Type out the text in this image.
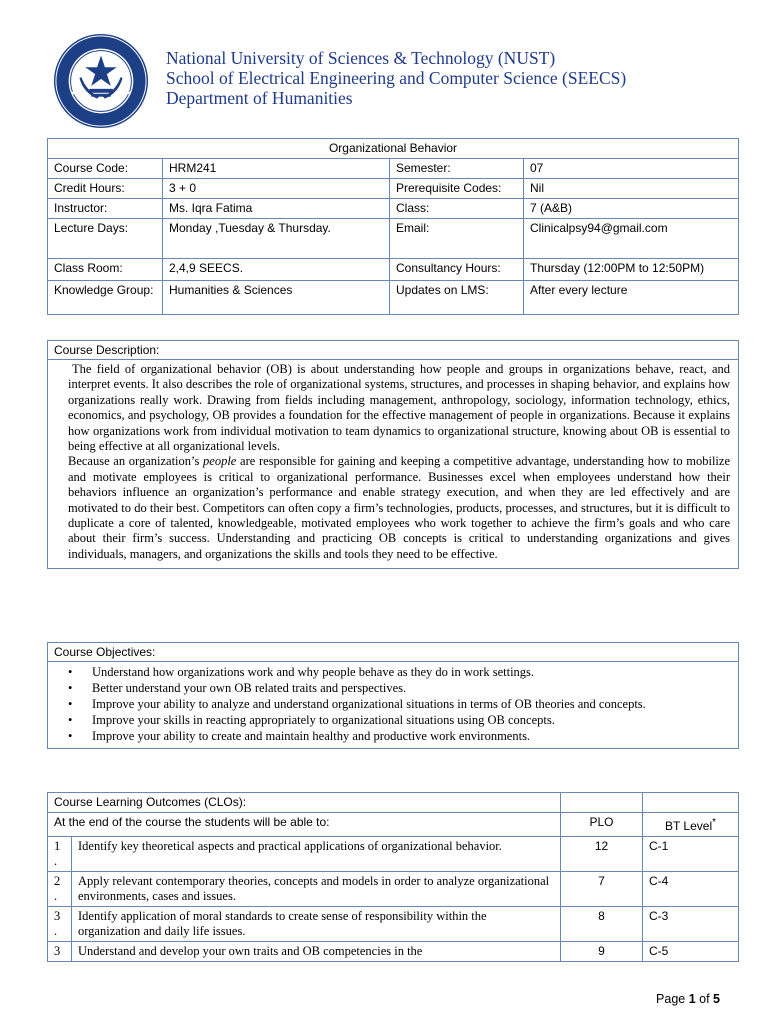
National University of Sciences & Technology (NUST)
School of Electrical Engineering and Computer Science (SEECS)
Department of Humanities
Organizational Behavior			
Course Code:	HRM241	Semester:	07
Credit Hours:	3 + 0	Prerequisite Codes:	Nil
Instructor:	Ms. Iqra Fatima	Class:	7 (A&B)
Lecture Days:	Monday ,Tuesday & Thursday.	Email:	Clinicalpsy94@gmail.com
Class Room:	2,4,9 SEECS.	Consultancy Hours:	Thursday (12:00PM to 12:50PM)
Knowledge Group:	Humanities & Sciences	Updates on LMS:	After every lecture
Course Description:

The field of organizational behavior (OB) is about understanding how people and groups in organizations behave, react, and interpret events. It also describes the role of organizational systems, structures, and processes in shaping behavior, and explains how organizations really work. Drawing from fields including management, anthropology, sociology, information technology, ethics, economics, and psychology, OB provides a foundation for the effective management of people in organizations. Because it explains how organizations work from individual motivation to team dynamics to organizational structure, knowing about OB is essential to being effective at all organizational levels.

Because an organization’s people are responsible for gaining and keeping a competitive advantage, understanding how to mobilize and motivate employees is critical to organizational performance. Businesses excel when employees understand how their behaviors influence an organization’s performance and enable strategy execution, and when they are led effectively and are motivated to do their best. Competitors can often copy a firm’s technologies, products, processes, and structures, but it is difficult to duplicate a core of talented, knowledgeable, motivated employees who work together to achieve the firm’s goals and who care about their firm’s success. Understanding and practicing OB concepts is critical to understanding organizations and gives individuals, managers, and organizations the skills and tools they need to be effective.

Course Objectives:
• Understand how organizations work and why people behave as they do in work settings.
• Better understand your own OB related traits and perspectives.
• Improve your ability to analyze and understand organizational situations in terms of OB theories and concepts.
• Improve your skills in reacting appropriately to organizational situations using OB concepts.
• Improve your ability to create and maintain healthy and productive work environments.
Course Learning Outcomes (CLOs):			
At the end of the course the students will be able to:		PLO	BT Level*
1
.	Identify key theoretical aspects and practical applications of organizational behavior.	12	C-1
2
.	Apply relevant contemporary theories, concepts and models in order to analyze organizational environments, cases and issues.	7	C-4
3
.	Identify application of moral standards to create sense of responsibility within the
organization and daily life issues.	8	C-3
3	Understand and develop your own traits and OB competencies in the	9	C-5
Page 1 of 5
